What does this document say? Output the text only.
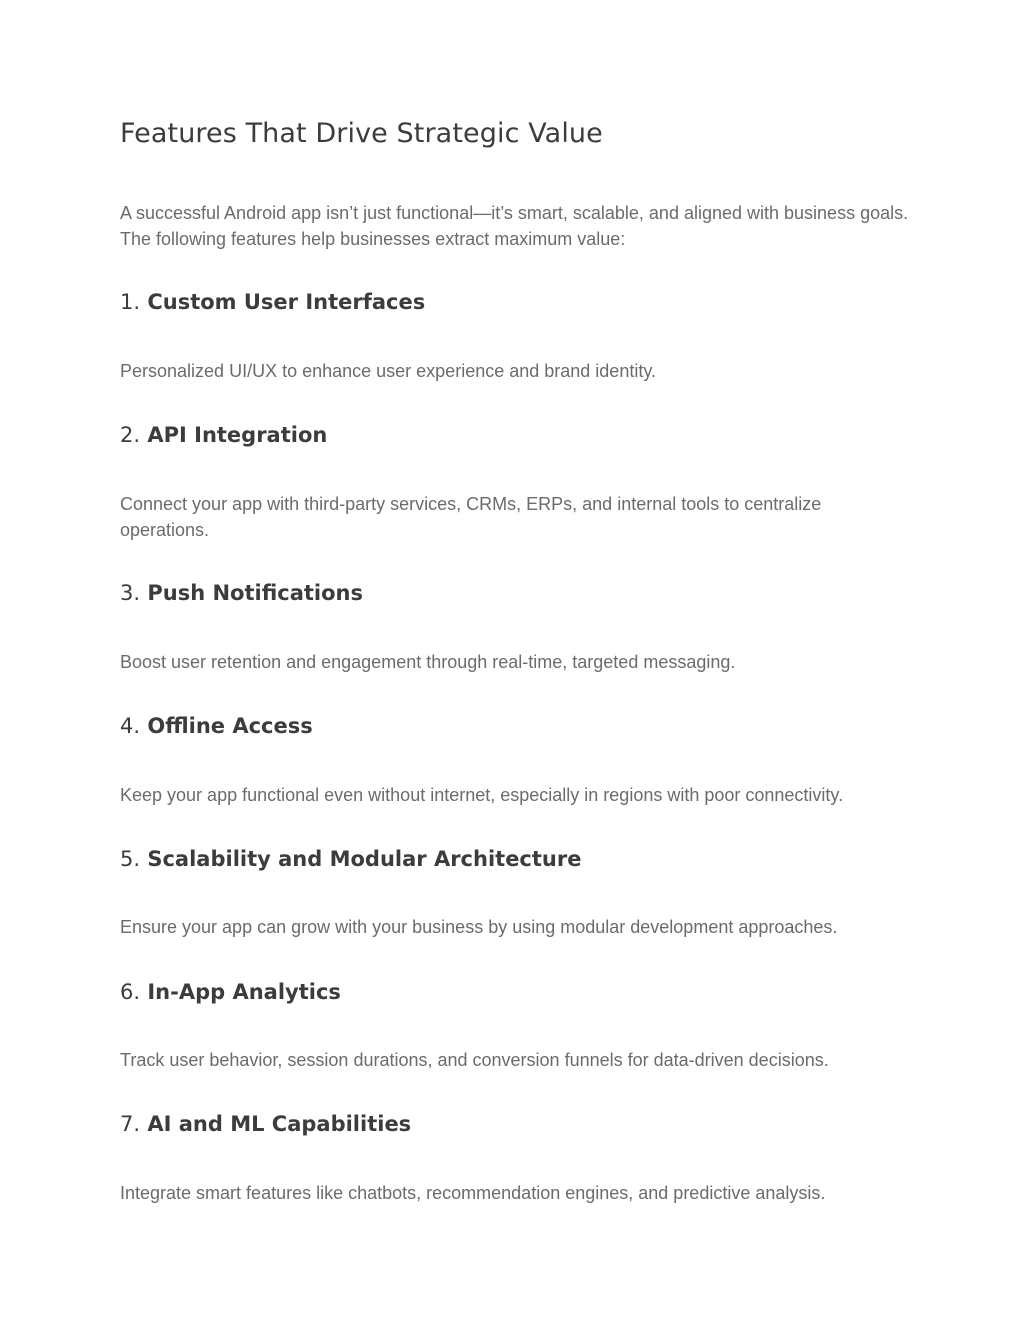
Features That Drive Strategic Value

A successful Android app isn’t just functional—it’s smart, scalable, and aligned with business goals. The following features help businesses extract maximum value:

1. Custom User Interfaces

Personalized UI/UX to enhance user experience and brand identity.

2. API Integration

Connect your app with third-party services, CRMs, ERPs, and internal tools to centralize operations.

3. Push Notifications

Boost user retention and engagement through real-time, targeted messaging.

4. Offline Access

Keep your app functional even without internet, especially in regions with poor connectivity.

5. Scalability and Modular Architecture

Ensure your app can grow with your business by using modular development approaches.

6. In-App Analytics

Track user behavior, session durations, and conversion funnels for data-driven decisions.

7. AI and ML Capabilities

Integrate smart features like chatbots, recommendation engines, and predictive analysis.
